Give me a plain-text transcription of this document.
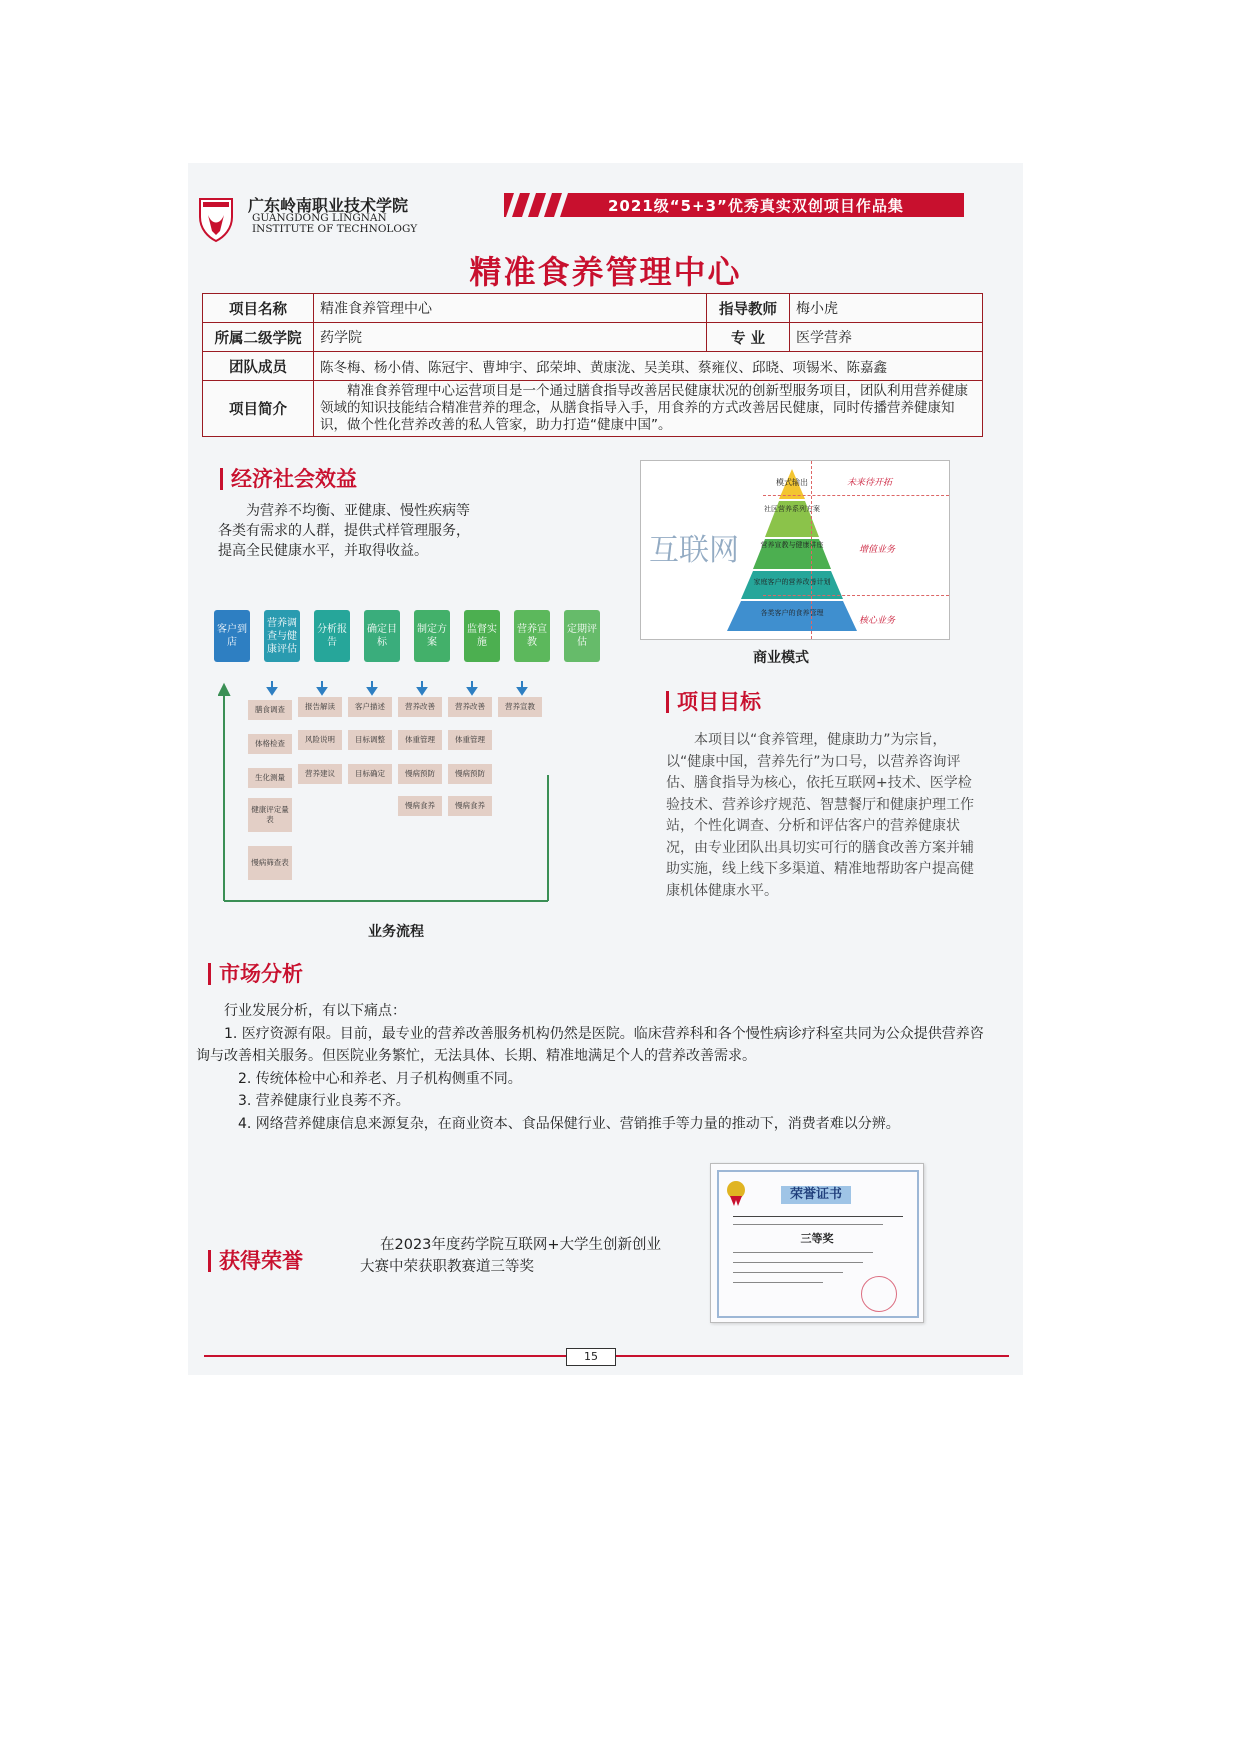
广东岭南职业技术学院
GUANGDONG LINGNAN
INSTITUTE OF TECHNOLOGY
2021级“5+3”优秀真实双创项目作品集
精准食养管理中心
项目名称	精准食养管理中心	指导教师	梅小虎
所属二级学院	药学院	专 业	医学营养
团队成员	陈冬梅、杨小倩、陈冠宇、曹坤宇、邱荣坤、黄康泷、吴美琪、蔡雍仪、邱晓、项锡米、陈嘉鑫		
项目简介	精准食养管理中心运营项目是一个通过膳食指导改善居民健康状况的创新型服务项目，团队利用营养健康领域的知识技能结合精准营养的理念，从膳食指导入手，用食养的方式改善居民健康，同时传播营养健康知识，做个性化营养改善的私人管家，助力打造“健康中国”。		
经济社会效益
为营养不均衡、亚健康、慢性疾病等各类有需求的人群，提供式样管理服务，提高全民健康水平，并取得收益。
客户到店
营养调查与健康评估
分析报告
确定目标
制定方案
监督实施
营养宣教
定期评估
膳食调查
体格检查
生化测量
健康评定量表
慢病筛查表
报告解读
风险说明
营养建议
客户描述
目标调整
目标确定
营养改善
体重管理
慢病预防
慢病食养
营养改善
体重管理
慢病预防
慢病食养
营养宣教
业务流程
互联网
模式输出
社区营养系列方案
营养宣教与健康讲座
家庭客户的营养改善计划
各类客户的食养管理
未来待开拓
增值业务
核心业务
商业模式
项目目标
本项目以“食养管理，健康助力”为宗旨，以“健康中国，营养先行”为口号，以营养咨询评估、膳食指导为核心，依托互联网+技术、医学检验技术、营养诊疗规范、智慧餐厅和健康护理工作站，个性化调查、分析和评估客户的营养健康状况，由专业团队出具切实可行的膳食改善方案并辅助实施，线上线下多渠道、精准地帮助客户提高健康机体健康水平。
市场分析
行业发展分析，有以下痛点：
1. 医疗资源有限。目前，最专业的营养改善服务机构仍然是医院。临床营养科和各个慢性病诊疗科室共同为公众提供营养咨询与改善相关服务。但医院业务繁忙，无法具体、长期、精准地满足个人的营养改善需求。
2. 传统体检中心和养老、月子机构侧重不同。
3. 营养健康行业良莠不齐。
4. 网络营养健康信息来源复杂，在商业资本、食品保健行业、营销推手等力量的推动下，消费者难以分辨。
获得荣誉
在2023年度药学院互联网+大学生创新创业
大赛中荣获职教赛道三等奖
荣誉证书
三等奖
15
